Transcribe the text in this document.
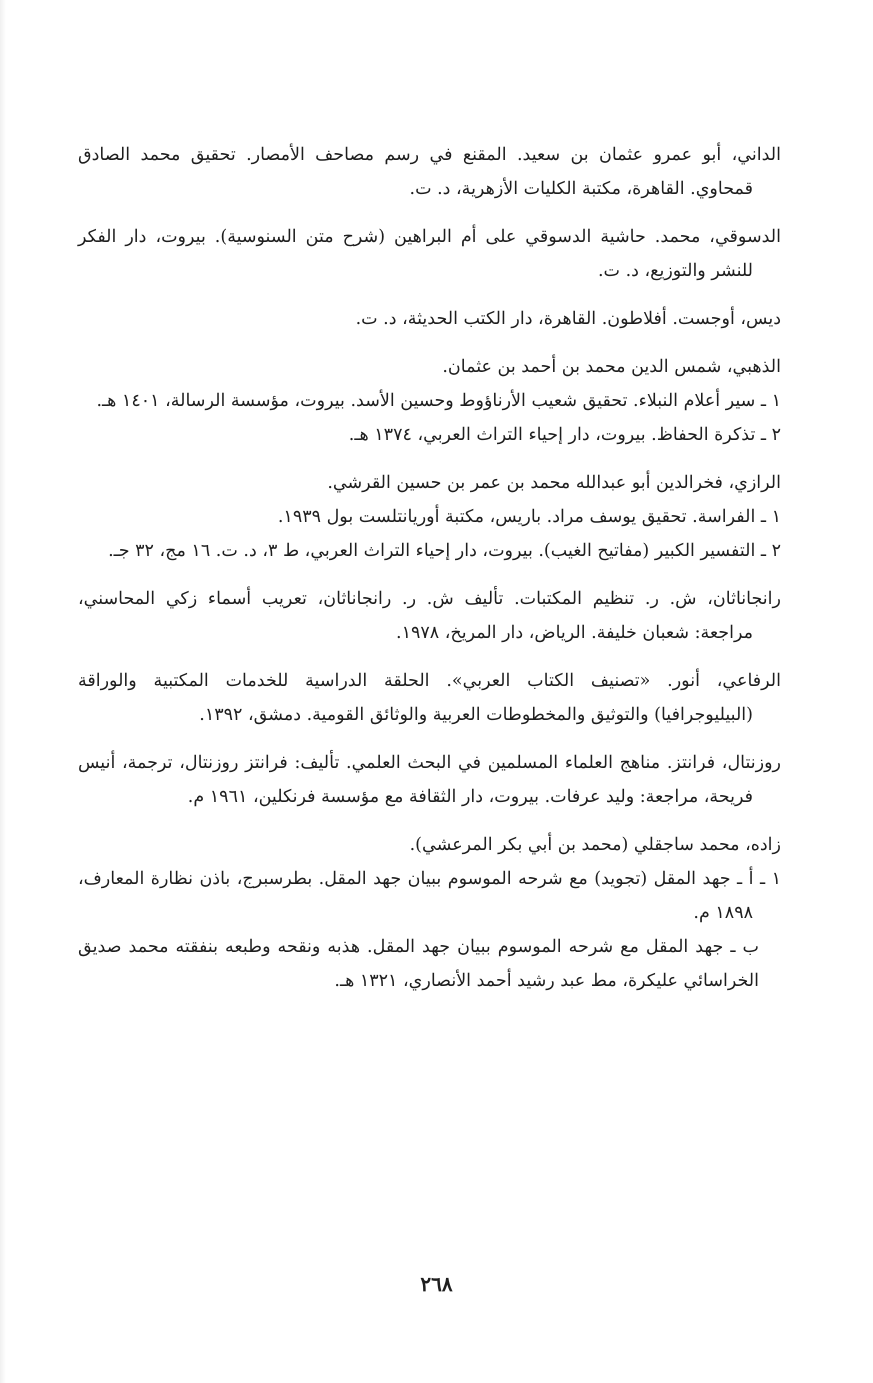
الداني، أبو عمرو عثمان بن سعيد. المقنع في رسم مصاحف الأمصار. تحقيق محمد الصادق قمحاوي. القاهرة، مكتبة الكليات الأزهرية، د. ت.

الدسوقي، محمد. حاشية الدسوقي على أم البراهين (شرح متن السنوسية). بيروت، دار الفكر للنشر والتوزيع، د. ت.

ديس، أوجست. أفلاطون. القاهرة، دار الكتب الحديثة، د. ت.

الذهبي، شمس الدين محمد بن أحمد بن عثمان.

١ ـ سير أعلام النبلاء. تحقيق شعيب الأرناؤوط وحسين الأسد. بيروت، مؤسسة الرسالة، ١٤٠١ هـ.

٢ ـ تذكرة الحفاظ. بيروت، دار إحياء التراث العربي، ١٣٧٤ هـ.

الرازي، فخرالدين أبو عبدالله محمد بن عمر بن حسين القرشي.

١ ـ الفراسة. تحقيق يوسف مراد. باريس، مكتبة أوريانتلست بول ١٩٣٩.

٢ ـ التفسير الكبير (مفاتيح الغيب). بيروت، دار إحياء التراث العربي، ط ٣، د. ت. ١٦ مج، ٣٢ جـ.

رانجاناثان، ش. ر. تنظيم المكتبات. تأليف ش. ر. رانجاناثان، تعريب أسماء زكي المحاسني، مراجعة: شعبان خليفة. الرياض، دار المريخ، ١٩٧٨.

الرفاعي، أنور. «تصنيف الكتاب العربي». الحلقة الدراسية للخدمات المكتبية والوراقة (البيليوجرافيا) والتوثيق والمخطوطات العربية والوثائق القومية. دمشق، ١٣٩٢.

روزنتال، فرانتز. مناهج العلماء المسلمين في البحث العلمي. تأليف: فرانتز روزنتال، ترجمة، أنيس فريحة، مراجعة: وليد عرفات. بيروت، دار الثقافة مع مؤسسة فرنكلين، ١٩٦١ م.

زاده، محمد ساجقلي (محمد بن أبي بكر المرعشي).

١ ـ أ ـ جهد المقل (تجويد) مع شرحه الموسوم ببيان جهد المقل. بطرسبرج، باذن نظارة المعارف، ١٨٩٨ م.

ب ـ جهد المقل مع شرحه الموسوم ببيان جهد المقل. هذبه ونقحه وطبعه بنفقته محمد صديق الخراسائي عليكرة، مط عبد رشيد أحمد الأنصاري، ١٣٢١ هـ.

٢٦٨
